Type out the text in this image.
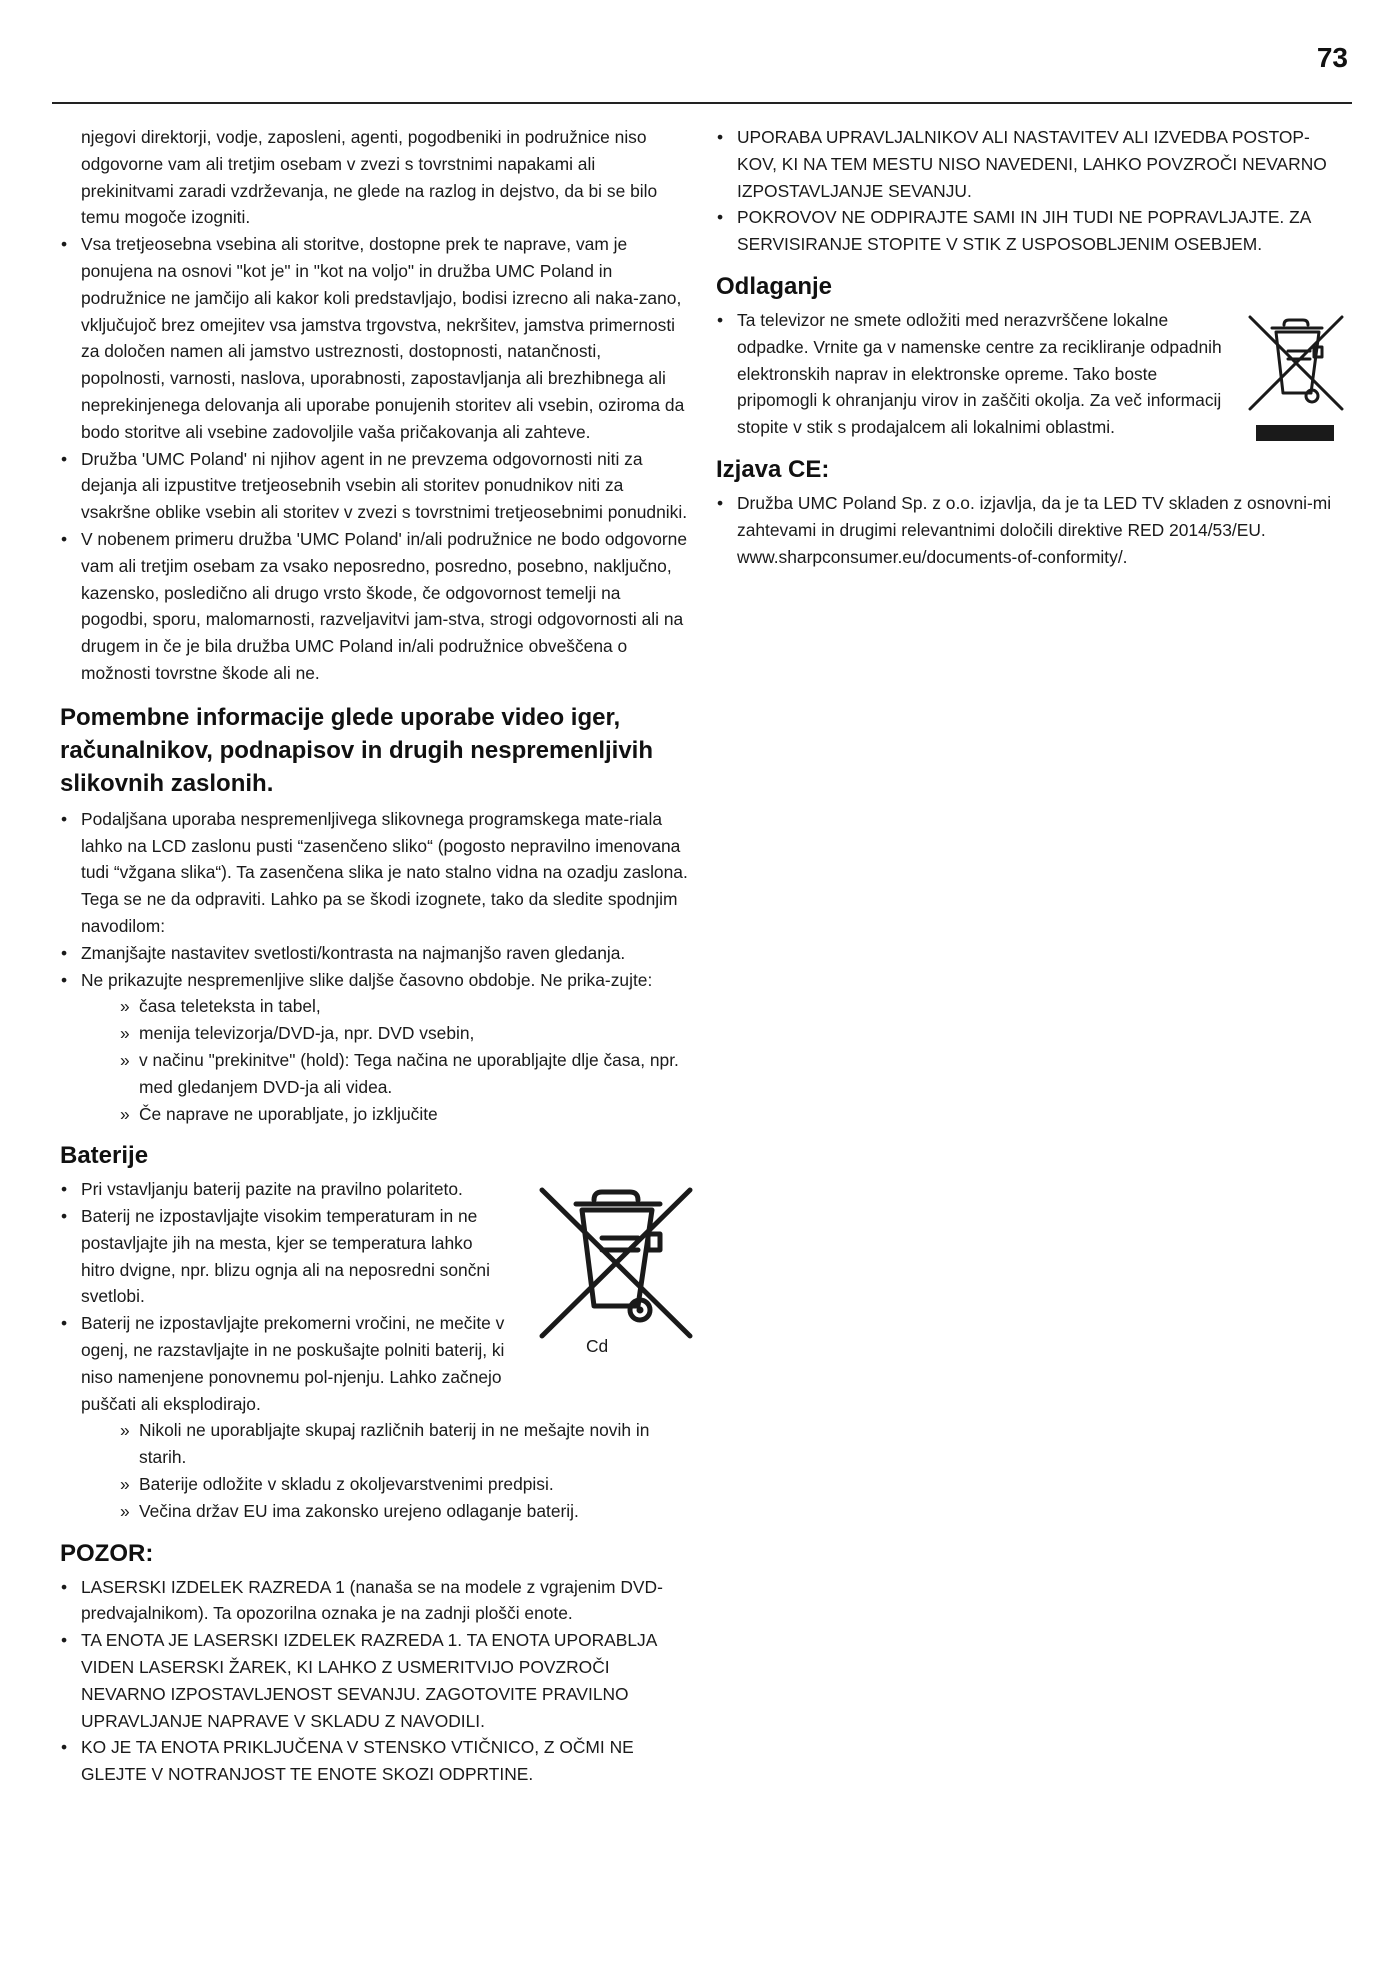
73

njegovi direktorji, vodje, zaposleni, agenti, pogodbeniki in podružnice niso odgovorne vam ali tretjim osebam v zvezi s tovrstnimi napakami ali prekinitvami zaradi vzdrževanja, ne glede na razlog in dejstvo, da bi se bilo temu mogoče izogniti.

• Vsa tretjeosebna vsebina ali storitve, dostopne prek te naprave, vam je ponujena na osnovi "kot je" in "kot na voljo" in družba UMC Poland in podružnice ne jamčijo ali kakor koli predstavljajo, bodisi izrecno ali naka-zano, vključujoč brez omejitev vsa jamstva trgovstva, nekršitev, jamstva primernosti za določen namen ali jamstvo ustreznosti, dostopnosti, natančnosti, popolnosti, varnosti, naslova, uporabnosti, zapostavljanja ali brezhibnega ali neprekinjenega delovanja ali uporabe ponujenih storitev ali vsebin, oziroma da bodo storitve ali vsebine zadovoljile vaša pričakovanja ali zahteve.
• Družba 'UMC Poland' ni njihov agent in ne prevzema odgovornosti niti za dejanja ali izpustitve tretjeosebnih vsebin ali storitev ponudnikov niti za vsakršne oblike vsebin ali storitev v zvezi s tovrstnimi tretjeosebnimi ponudniki.
• V nobenem primeru družba 'UMC Poland' in/ali podružnice ne bodo odgovorne vam ali tretjim osebam za vsako neposredno, posredno, posebno, naključno, kazensko, posledično ali drugo vrsto škode, če odgovornost temelji na pogodbi, sporu, malomarnosti, razveljavitvi jam-stva, strogi odgovornosti ali na drugem in če je bila družba UMC Poland in/ali podružnice obveščena o možnosti tovrstne škode ali ne.
Pomembne informacije glede uporabe video iger, računalnikov, podnapisov in drugih nespremenljivih slikovnih zaslonih.
• Podaljšana uporaba nespremenljivega slikovnega programskega mate-riala lahko na LCD zaslonu pusti “zasenčeno sliko“ (pogosto nepravilno imenovana tudi “vžgana slika“). Ta zasenčena slika je nato stalno vidna na ozadju zaslona. Tega se ne da odpraviti. Lahko pa se škodi izognete, tako da sledite spodnjim navodilom:
• Zmanjšajte nastavitev svetlosti/kontrasta na najmanjšo raven gledanja.
• Ne prikazujte nespremenljive slike daljše časovno obdobje. Ne prika-zujte:
» časa teleteksta in tabel,
» menija televizorja/DVD-ja, npr. DVD vsebin,
» v načinu "prekinitve" (hold): Tega načina ne uporabljajte dlje časa, npr. med gledanjem DVD-ja ali videa.
» Če naprave ne uporabljate, jo izključite
Baterije
• Pri vstavljanju baterij pazite na pravilno polariteto.
• Baterij ne izpostavljajte visokim temperaturam in ne postavljajte jih na mesta, kjer se temperatura lahko hitro dvigne, npr. blizu ognja ali na neposredni sončni svetlobi.
• Baterij ne izpostavljajte prekomerni vročini, ne mečite v ogenj, ne razstavljajte in ne poskušajte polniti baterij, ki niso namenjene ponovnemu pol-njenju. Lahko začnejo puščati ali eksplodirajo.
Cd
» Nikoli ne uporabljajte skupaj različnih baterij in ne mešajte novih in starih.
» Baterije odložite v skladu z okoljevarstvenimi predpisi.
» Večina držav EU ima zakonsko urejeno odlaganje baterij.
POZOR:
• LASERSKI IZDELEK RAZREDA 1 (nanaša se na modele z vgrajenim DVD-predvajalnikom). Ta opozorilna oznaka je na zadnji plošči enote.
• TA ENOTA JE LASERSKI IZDELEK RAZREDA 1. TA ENOTA UPORABLJA VIDEN LASERSKI ŽAREK, KI LAHKO Z USMERITVIJO POVZROČI NEVARNO IZPOSTAVLJENOST SEVANJU. ZAGOTOVITE PRAVILNO UPRAVLJANJE NAPRAVE V SKLADU Z NAVODILI.
• KO JE TA ENOTA PRIKLJUČENA V STENSKO VTIČNICO, Z OČMI NE GLEJTE V NOTRANJOST TE ENOTE SKOZI ODPRTINE.
• UPORABA UPRAVLJALNIKOV ALI NASTAVITEV ALI IZVEDBA POSTOP-KOV, KI NA TEM MESTU NISO NAVEDENI, LAHKO POVZROČI NEVARNO IZPOSTAVLJANJE SEVANJU.
• POKROVOV NE ODPIRAJTE SAMI IN JIH TUDI NE POPRAVLJAJTE. ZA SERVISIRANJE STOPITE V STIK Z USPOSOBLJENIM OSEBJEM.
Odlaganje
• Ta televizor ne smete odložiti med nerazvrščene lokalne odpadke. Vrnite ga v namenske centre za recikliranje odpadnih elektronskih naprav in elektronske opreme. Tako boste pripomogli k ohranjanju virov in zaščiti okolja. Za več informacij stopite v stik s prodajalcem ali lokalnimi oblastmi.
Izjava CE:
• Družba UMC Poland Sp. z o.o. izjavlja, da je ta LED TV skladen z osnovni-mi zahtevami in drugimi relevantnimi določili direktive RED 2014/53/EU. www.sharpconsumer.eu/documents-of-conformity/.
